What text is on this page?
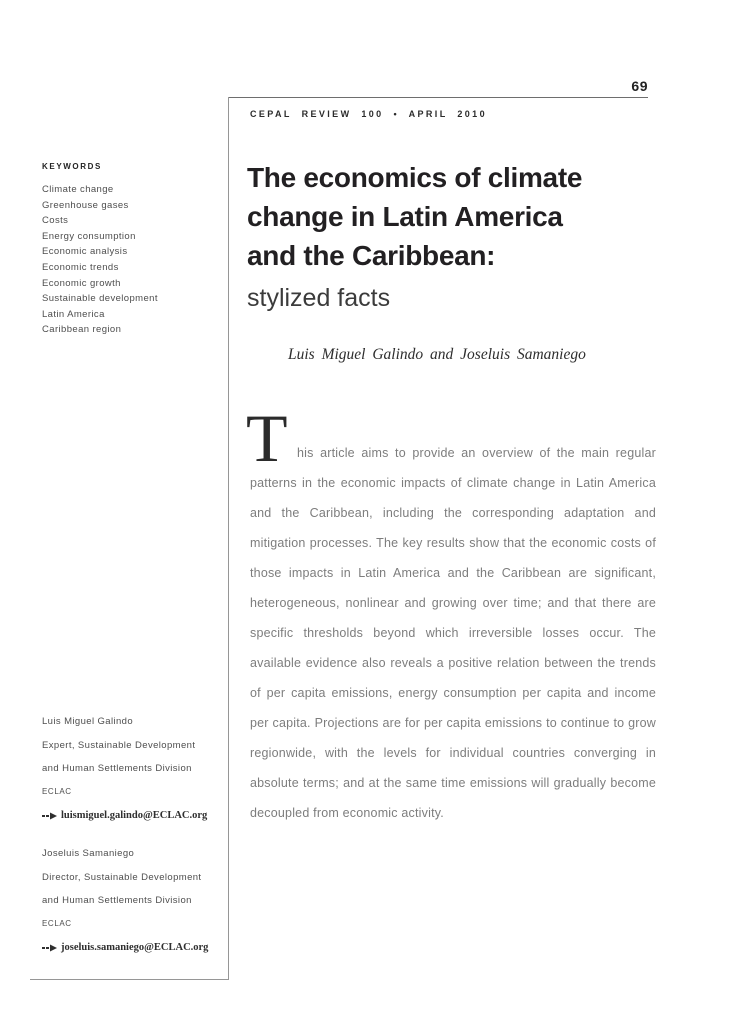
69
CEPAL REVIEW 100 • APRIL 2010
KEYWORDS
Climate change
Greenhouse gases
Costs
Energy consumption
Economic analysis
Economic trends
Economic growth
Sustainable development
Latin America
Caribbean region
The economics of climate
change in Latin America
and the Caribbean:
stylized facts
Luis Miguel Galindo and Joseluis Samaniego
T his article aims to provide an overview of the main regular patterns in the economic impacts of climate change in Latin America and the Caribbean, including the corresponding adaptation and mitigation processes. The key results show that the economic costs of those impacts in Latin America and the Caribbean are significant, heterogeneous, nonlinear and growing over time; and that there are specific thresholds beyond which irreversible losses occur. The available evidence also reveals a positive relation between the trends of per capita emissions, energy consumption per capita and income per capita. Projections are for per capita emissions to continue to grow regionwide, with the levels for individual countries converging in absolute terms; and at the same time emissions will gradually become decoupled from economic activity.
Luis Miguel Galindo
Expert, Sustainable Development
and Human Settlements Division
ECLAC
luismiguel.galindo@ECLAC.org
Joseluis Samaniego
Director, Sustainable Development
and Human Settlements Division
ECLAC
joseluis.samaniego@ECLAC.org
